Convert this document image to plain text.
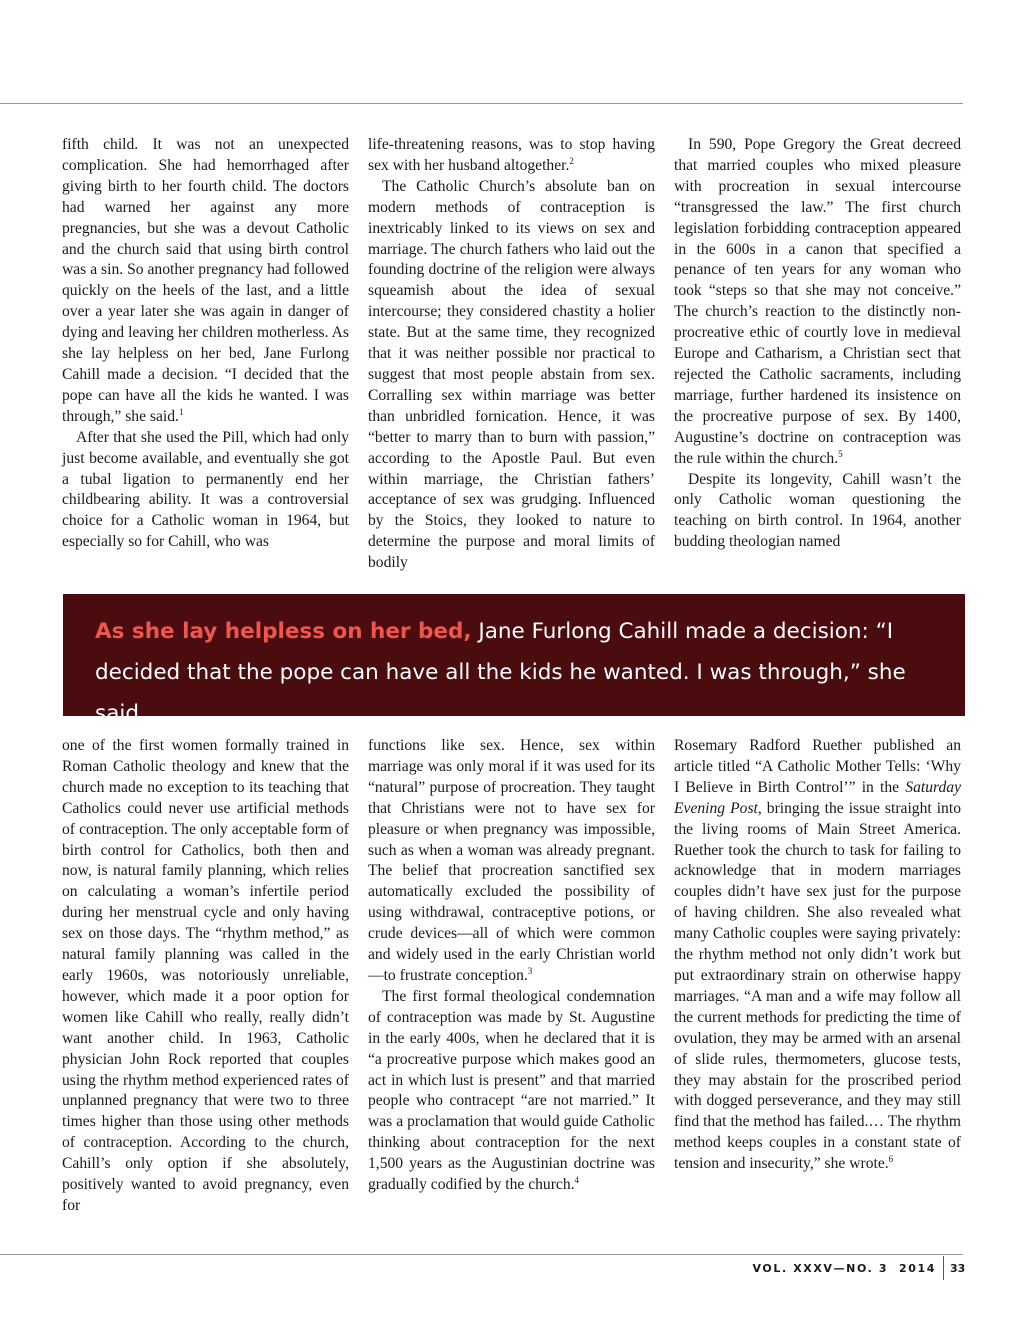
fifth child. It was not an unexpected complication. She had hemorrhaged after giving birth to her fourth child. The doctors had warned her against any more pregnancies, but she was a devout Catholic and the church said that using birth control was a sin. So another pregnancy had followed quickly on the heels of the last, and a little over a year later she was again in danger of dying and leaving her children motherless. As she lay helpless on her bed, Jane Furlong Cahill made a decision. “I decided that the pope can have all the kids he wanted. I was through,” she said.$^1$

After that she used the Pill, which had only just become available, and eventually she got a tubal ligation to permanently end her childbearing ability. It was a controversial choice for a Catholic woman in 1964, but especially so for Cahill, who was

life-threatening reasons, was to stop having sex with her husband altogether.$^2$

The Catholic Church’s absolute ban on modern methods of contraception is inextricably linked to its views on sex and marriage. The church fathers who laid out the founding doctrine of the religion were always squeamish about the idea of sexual intercourse; they considered chastity a holier state. But at the same time, they recognized that it was neither possible nor practical to suggest that most people abstain from sex. Corralling sex within marriage was better than unbridled fornication. Hence, it was “better to marry than to burn with passion,” according to the Apostle Paul. But even within marriage, the Christian fathers’ acceptance of sex was grudging. Influenced by the Stoics, they looked to nature to determine the purpose and moral limits of bodily

In 590, Pope Gregory the Great decreed that married couples who mixed pleasure with procreation in sexual intercourse “transgressed the law.” The first church legislation forbidding contraception appeared in the 600s in a canon that specified a penance of ten years for any woman who took “steps so that she may not conceive.” The church’s reaction to the distinctly non-procreative ethic of courtly love in medieval Europe and Catharism, a Christian sect that rejected the Catholic sacraments, including marriage, further hardened its insistence on the procreative purpose of sex. By 1400, Augustine’s doctrine on contraception was the rule within the church.$^5$

Despite its longevity, Cahill wasn’t the only Catholic woman questioning the teaching on birth control. In 1964, another budding theologian named

As she lay helpless on her bed, Jane Furlong Cahill made a decision: “I decided that the pope can have all the kids he wanted. I was through,” she said.

one of the first women formally trained in Roman Catholic theology and knew that the church made no exception to its teaching that Catholics could never use artificial methods of contraception. The only acceptable form of birth control for Catholics, both then and now, is natural family planning, which relies on calculating a woman’s infertile period during her menstrual cycle and only having sex on those days. The “rhythm method,” as natural family planning was called in the early 1960s, was notoriously unreliable, however, which made it a poor option for women like Cahill who really, really didn’t want another child. In 1963, Catholic physician John Rock reported that couples using the rhythm method experienced rates of unplanned pregnancy that were two to three times higher than those using other methods of contraception. According to the church, Cahill’s only option if she absolutely, positively wanted to avoid pregnancy, even for

functions like sex. Hence, sex within marriage was only moral if it was used for its “natural” purpose of procreation. They taught that Christians were not to have sex for pleasure or when pregnancy was impossible, such as when a woman was already pregnant. The belief that procreation sanctified sex automatically excluded the possibility of using withdrawal, contraceptive potions, or crude devices—all of which were common and widely used in the early Christian world—to frustrate conception.$^3$

The first formal theological condemnation of contraception was made by St. Augustine in the early 400s, when he declared that it is “a procreative purpose which makes good an act in which lust is present” and that married people who contracept “are not married.” It was a proclamation that would guide Catholic thinking about contraception for the next 1,500 years as the Augustinian doctrine was gradually codified by the church.$^4$

Rosemary Radford Ruether published an article titled “A Catholic Mother Tells: ‘Why I Believe in Birth Control’” in the Saturday Evening Post, bringing the issue straight into the living rooms of Main Street America. Ruether took the church to task for failing to acknowledge that in modern marriages couples didn’t have sex just for the purpose of having children. She also revealed what many Catholic couples were saying privately: the rhythm method not only didn’t work but put extraordinary strain on otherwise happy marriages. “A man and a wife may follow all the current methods for predicting the time of ovulation, they may be armed with an arsenal of slide rules, thermometers, glucose tests, they may abstain for the proscribed period with dogged perseverance, and they may still find that the method has failed.… The rhythm method keeps couples in a constant state of tension and insecurity,” she wrote.$^6$

VOL. XXXV—NO. 3  2014 33
